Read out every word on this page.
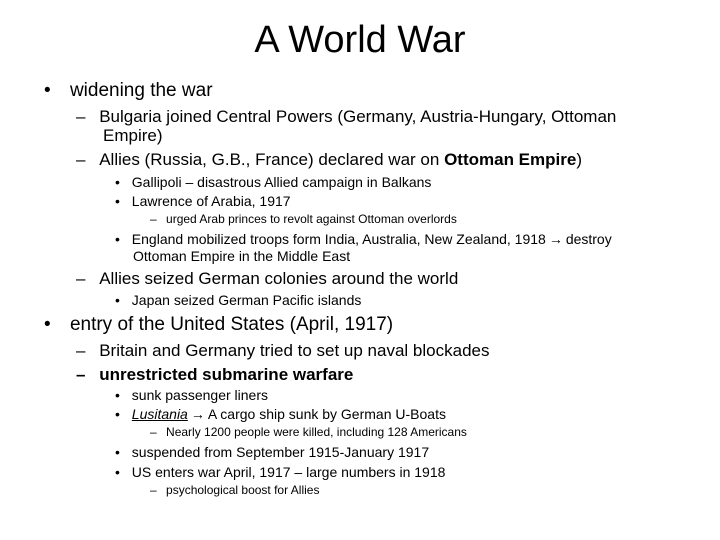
A World War
• widening the war
– Bulgaria joined Central Powers (Germany, Austria-Hungary, Ottoman
Empire)
– Allies (Russia, G.B., France) declared war on Ottoman Empire)
• Gallipoli – disastrous Allied campaign in Balkans
• Lawrence of Arabia, 1917
– urged Arab princes to revolt against Ottoman overlords
• England mobilized troops form India, Australia, New Zealand, 1918 → destroy
Ottoman Empire in the Middle East
– Allies seized German colonies around the world
• Japan seized German Pacific islands
• entry of the United States (April, 1917)
– Britain and Germany tried to set up naval blockades
– unrestricted submarine warfare
• sunk passenger liners
• Lusitania → A cargo ship sunk by German U-Boats
– Nearly 1200 people were killed, including 128 Americans
• suspended from September 1915-January 1917
• US enters war April, 1917 – large numbers in 1918
– psychological boost for Allies
